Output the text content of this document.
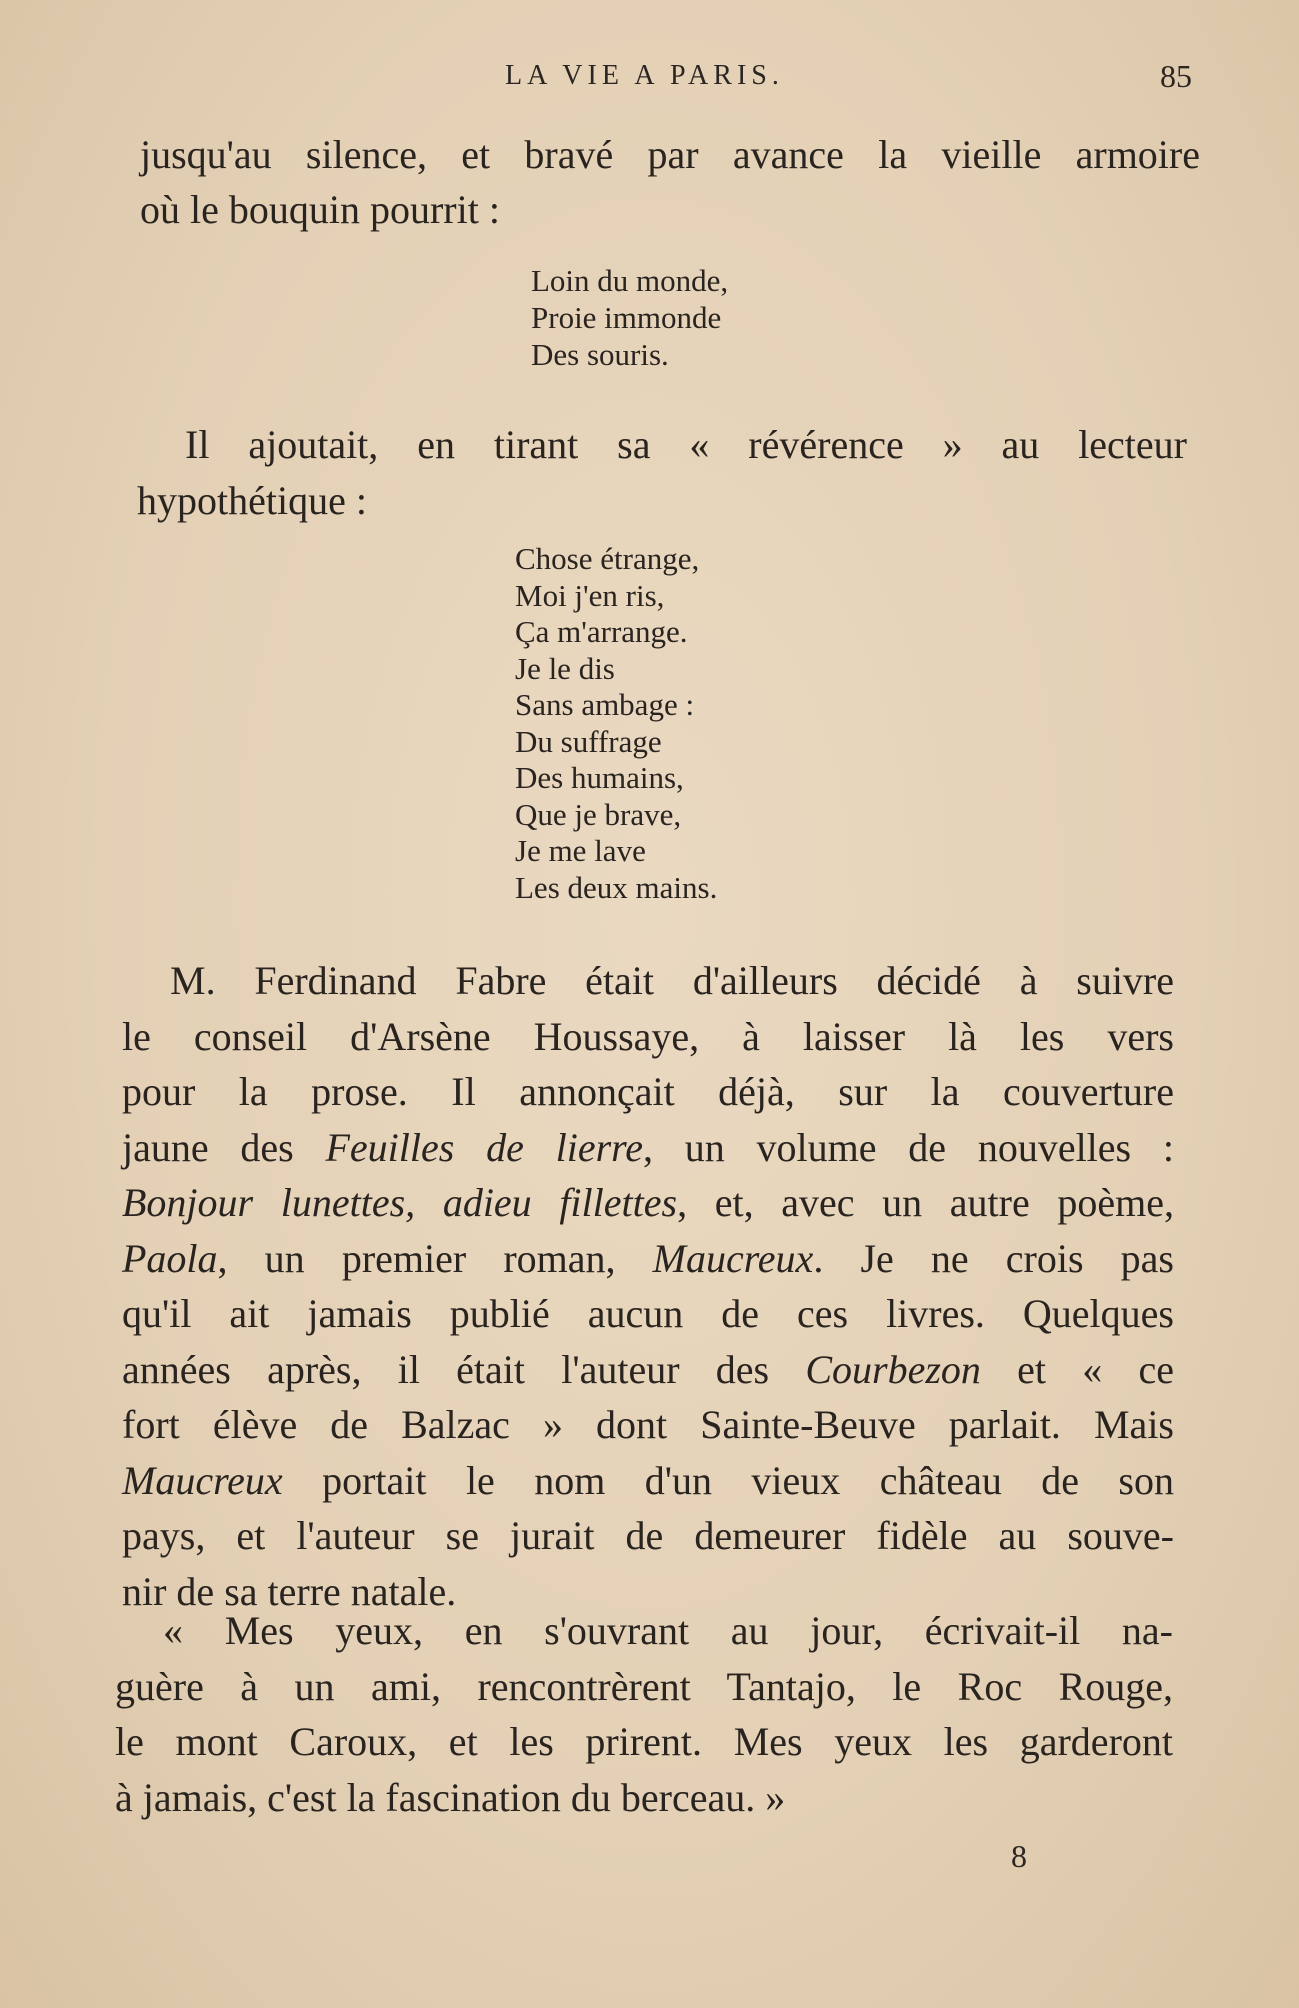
LA VIE A PARIS.	85

jusqu'au silence, et bravé par avance la vieille armoire
où le bouquin pourrit :

Loin du monde,
Proie immonde
Des souris.

Il ajoutait, en tirant sa « révérence » au lecteur
hypothétique :

Chose étrange,
Moi j'en ris,
Ça m'arrange.
Je le dis
Sans ambage :
Du suffrage
Des humains,
Que je brave,
Je me lave
Les deux mains.

M. Ferdinand Fabre était d'ailleurs décidé à suivre
le conseil d'Arsène Houssaye, à laisser là les vers
pour la prose. Il annonçait déjà, sur la couverture
jaune des Feuilles de lierre, un volume de nouvelles :
Bonjour lunettes, adieu fillettes, et, avec un autre poème,
Paola, un premier roman, Maucreux. Je ne crois pas
qu'il ait jamais publié aucun de ces livres. Quelques
années après, il était l'auteur des Courbezon et « ce
fort élève de Balzac » dont Sainte-Beuve parlait. Mais
Maucreux portait le nom d'un vieux château de son
pays, et l'auteur se jurait de demeurer fidèle au souve-
nir de sa terre natale.

« Mes yeux, en s'ouvrant au jour, écrivait-il na-
guère à un ami, rencontrèrent Tantajo, le Roc Rouge,
le mont Caroux, et les prirent. Mes yeux les garderont
à jamais, c'est la fascination du berceau. »

8
